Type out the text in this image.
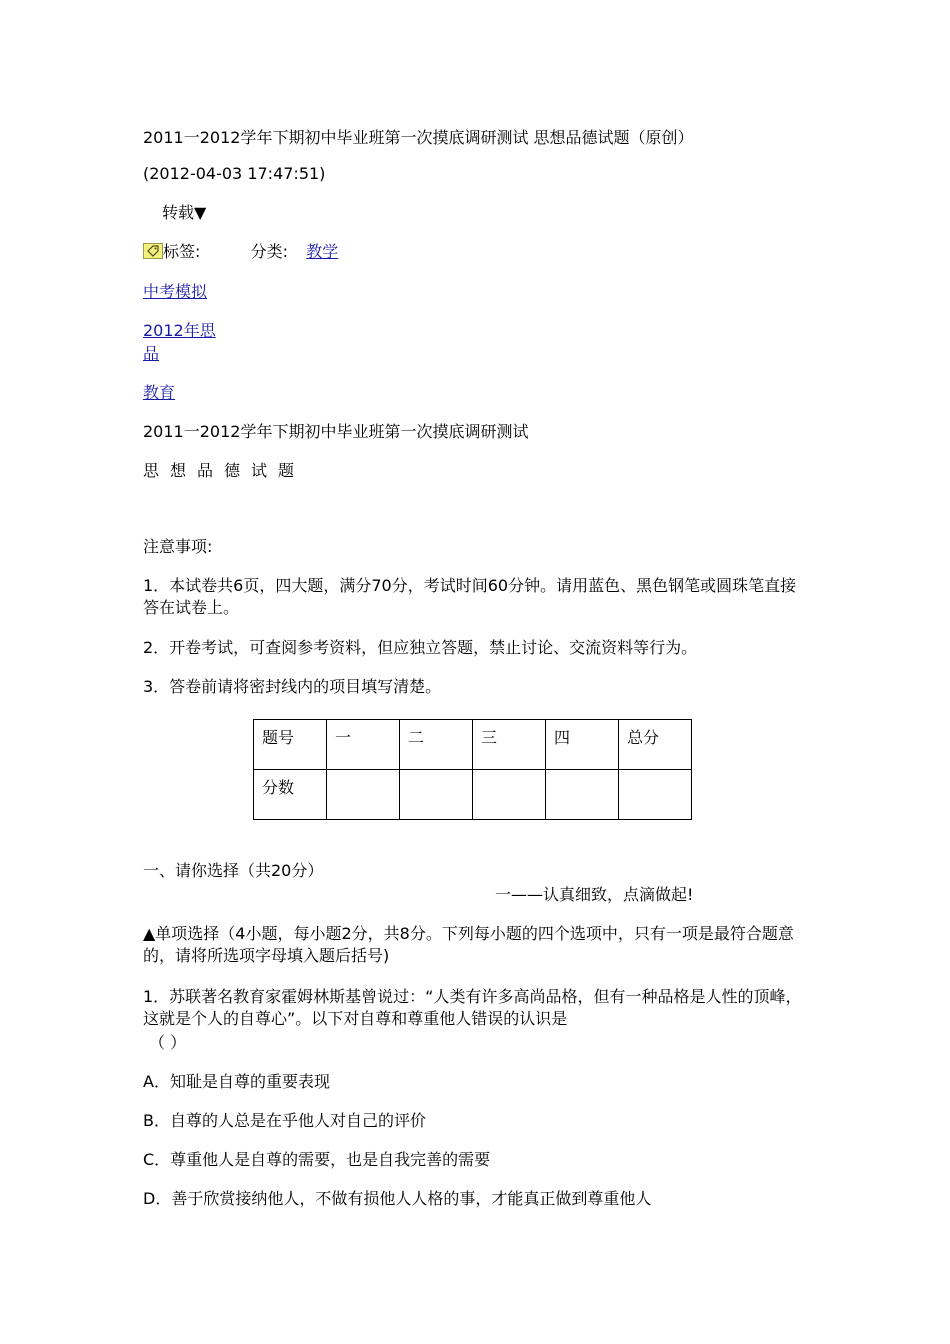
2011一2012学年下期初中毕业班第一次摸底调研测试 思想品德试题（原创）
(2012-04-03 17:47:51)
转载▼
标签:	分类: 教学
中考模拟
2012年思
品
教育
2011一2012学年下期初中毕业班第一次摸底调研测试
思想品德试题
注意事项:
1．本试卷共6页，四大题，满分70分，考试时间60分钟。请用蓝色、黑色钢笔或圆珠笔直接答在试卷上。
2．开卷考试，可查阅参考资料，但应独立答题，禁止讨论、交流资料等行为。
3．答卷前请将密封线内的项目填写清楚。
题号	一	二	三	四	总分
分数					
一、请你选择（共20分）
一——认真细致，点滴做起!
▲单项选择（4小题，每小题2分，共8分。下列每小题的四个选项中，只有一项是最符合题意的，请将所选项字母填入题后括号)
1．苏联著名教育家霍姆林斯基曾说过：“人类有许多高尚品格，但有一种品格是人性的顶峰，这就是个人的自尊心”。以下对自尊和尊重他人错误的认识是
（ ）
A．知耻是自尊的重要表现
B．自尊的人总是在乎他人对自己的评价
C．尊重他人是自尊的需要，也是自我完善的需要
D．善于欣赏接纳他人，不做有损他人人格的事，才能真正做到尊重他人
